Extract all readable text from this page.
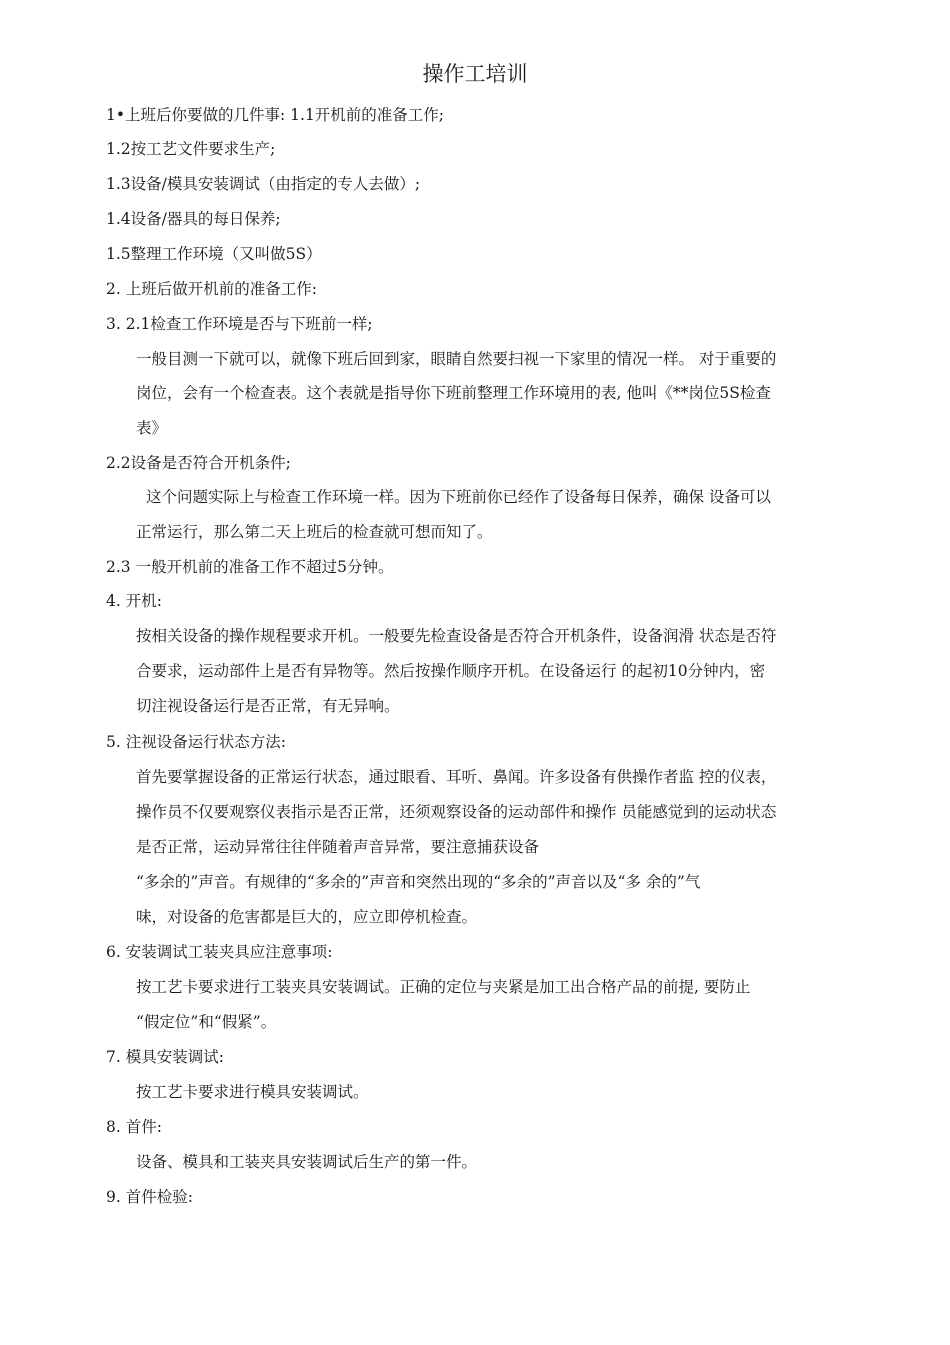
操作工培训
1•上班后你要做的几件事: 1.1开机前的准备工作;
1.2按工艺文件要求生产;
1.3设备/模具安装调试（由指定的专人去做）;
1.4设备/器具的每日保养;
1.5整理工作环境（又叫做5S）
2. 上班后做开机前的准备工作:
3. 2.1检查工作环境是否与下班前一样;
一般目测一下就可以，就像下班后回到家，眼睛自然要扫视一下家里的情况一样。 对于重要的
岗位，会有一个检查表。这个表就是指导你下班前整理工作环境用的表, 他叫《**岗位5S检查
表》
2.2设备是否符合开机条件;
这个问题实际上与检查工作环境一样。因为下班前你已经作了设备每日保养，确保 设备可以
正常运行，那么第二天上班后的检查就可想而知了。
2.3 一般开机前的准备工作不超过5分钟。
4. 开机:
按相关设备的操作规程要求开机。一般要先检查设备是否符合开机条件，设备润滑 状态是否符
合要求，运动部件上是否有异物等。然后按操作顺序开机。在设备运行 的起初10分钟内，密
切注视设备运行是否正常，有无异响。
5. 注视设备运行状态方法:
首先要掌握设备的正常运行状态，通过眼看、耳听、鼻闻。许多设备有供操作者监 控的仪表，
操作员不仅要观察仪表指示是否正常，还须观察设备的运动部件和操作 员能感觉到的运动状态
是否正常，运动异常往往伴随着声音异常，要注意捕获设备
“多余的”声音。有规律的“多余的”声音和突然出现的“多余的”声音以及“多 余的”气
味，对设备的危害都是巨大的，应立即停机检查。
6. 安装调试工装夹具应注意事项:
按工艺卡要求进行工装夹具安装调试。正确的定位与夹紧是加工出合格产品的前提, 要防止
“假定位”和“假紧”。
7. 模具安装调试:
按工艺卡要求进行模具安装调试。
8. 首件:
设备、模具和工装夹具安装调试后生产的第一件。
9. 首件检验:
